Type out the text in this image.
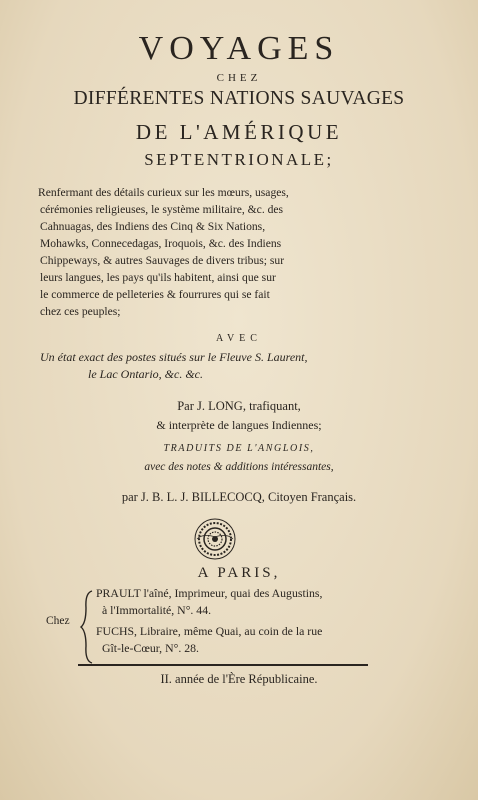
VOYAGES
CHEZ
DIFFÉRENTES NATIONS SAUVAGES
DE L'AMÉRIQUE
SEPTENTRIONALE;
Renfermant des détails curieux sur les mœurs, usages,
cérémonies religieuses, le système militaire, &c. des
Cahnuagas, des Indiens des Cinq & Six Nations,
Mohawks, Connecedagas, Iroquois, &c. des Indiens
Chippeways, & autres Sauvages de divers tribus; sur
leurs langues, les pays qu'ils habitent, ainsi que sur
le commerce de pelleteries & fourrures qui se fait
chez ces peuples;
AVEC
Un état exact des postes situés sur le Fleuve S. Laurent,
le Lac Ontario, &c. &c.
Par J. LONG, trafiquant,
& interprète de langues Indiennes;
TRADUITS DE L'ANGLOIS,
avec des notes & additions intéressantes,
par J. B. L. J. BILLECOCQ, Citoyen Français.
A PARIS,
Chez
PRAULT l'aîné, Imprimeur, quai des Augustins,
à l'Immortalité, N°. 44.
FUCHS, Libraire, même Quai, au coin de la rue
Gît-le-Cœur, N°. 28.
II. année de l'Ère Républicaine.
